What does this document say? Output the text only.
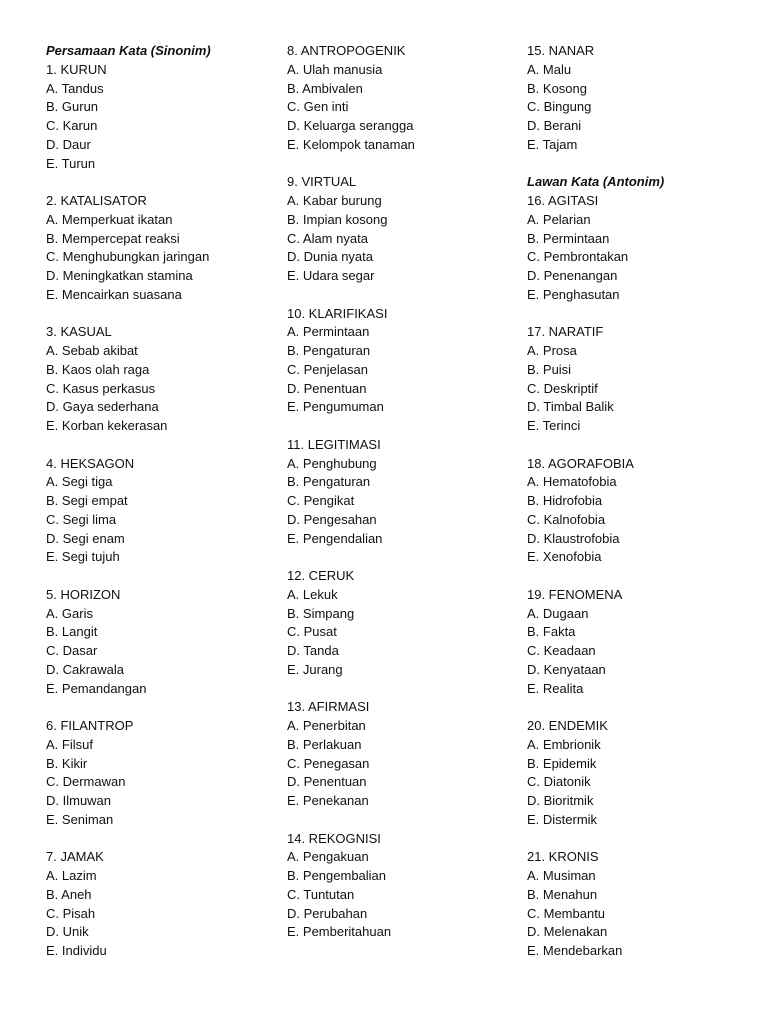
Persamaan Kata (Sinonim)
1. KURUN
A. Tandus
B. Gurun
C. Karun
D. Daur
E. Turun
2. KATALISATOR
A. Memperkuat ikatan
B. Mempercepat reaksi
C. Menghubungkan jaringan
D. Meningkatkan stamina
E. Mencairkan suasana
3. KASUAL
A. Sebab akibat
B. Kaos olah raga
C. Kasus perkasus
D. Gaya sederhana
E. Korban kekerasan
4. HEKSAGON
A. Segi tiga
B. Segi empat
C. Segi lima
D. Segi enam
E. Segi tujuh
5. HORIZON
A. Garis
B. Langit
C. Dasar
D. Cakrawala
E. Pemandangan
6. FILANTROP
A. Filsuf
B. Kikir
C. Dermawan
D. Ilmuwan
E. Seniman
7. JAMAK
A. Lazim
B. Aneh
C. Pisah
D. Unik
E. Individu
8. ANTROPOGENIK
A. Ulah manusia
B. Ambivalen
C. Gen inti
D. Keluarga serangga
E. Kelompok tanaman
9. VIRTUAL
A. Kabar burung
B. Impian kosong
C. Alam nyata
D. Dunia nyata
E. Udara segar
10. KLARIFIKASI
A. Permintaan
B. Pengaturan
C. Penjelasan
D. Penentuan
E. Pengumuman
11. LEGITIMASI
A. Penghubung
B. Pengaturan
C. Pengikat
D. Pengesahan
E. Pengendalian
12. CERUK
A. Lekuk
B. Simpang
C. Pusat
D. Tanda
E. Jurang
13. AFIRMASI
A. Penerbitan
B. Perlakuan
C. Penegasan
D. Penentuan
E. Penekanan
14. REKOGNISI
A. Pengakuan
B. Pengembalian
C. Tuntutan
D. Perubahan
E. Pemberitahuan
15. NANAR
A. Malu
B. Kosong
C. Bingung
D. Berani
E. Tajam
Lawan Kata (Antonim)
16. AGITASI
A. Pelarian
B. Permintaan
C. Pembrontakan
D. Penenangan
E. Penghasutan
17. NARATIF
A. Prosa
B. Puisi
C. Deskriptif
D. Timbal Balik
E. Terinci
18. AGORAFOBIA
A. Hematofobia
B. Hidrofobia
C. Kalnofobia
D. Klaustrofobia
E. Xenofobia
19. FENOMENA
A. Dugaan
B. Fakta
C. Keadaan
D. Kenyataan
E. Realita
20. ENDEMIK
A. Embrionik
B. Epidemik
C. Diatonik
D. Bioritmik
E. Distermik
21. KRONIS
A. Musiman
B. Menahun
C. Membantu
D. Melenakan
E. Mendebarkan
